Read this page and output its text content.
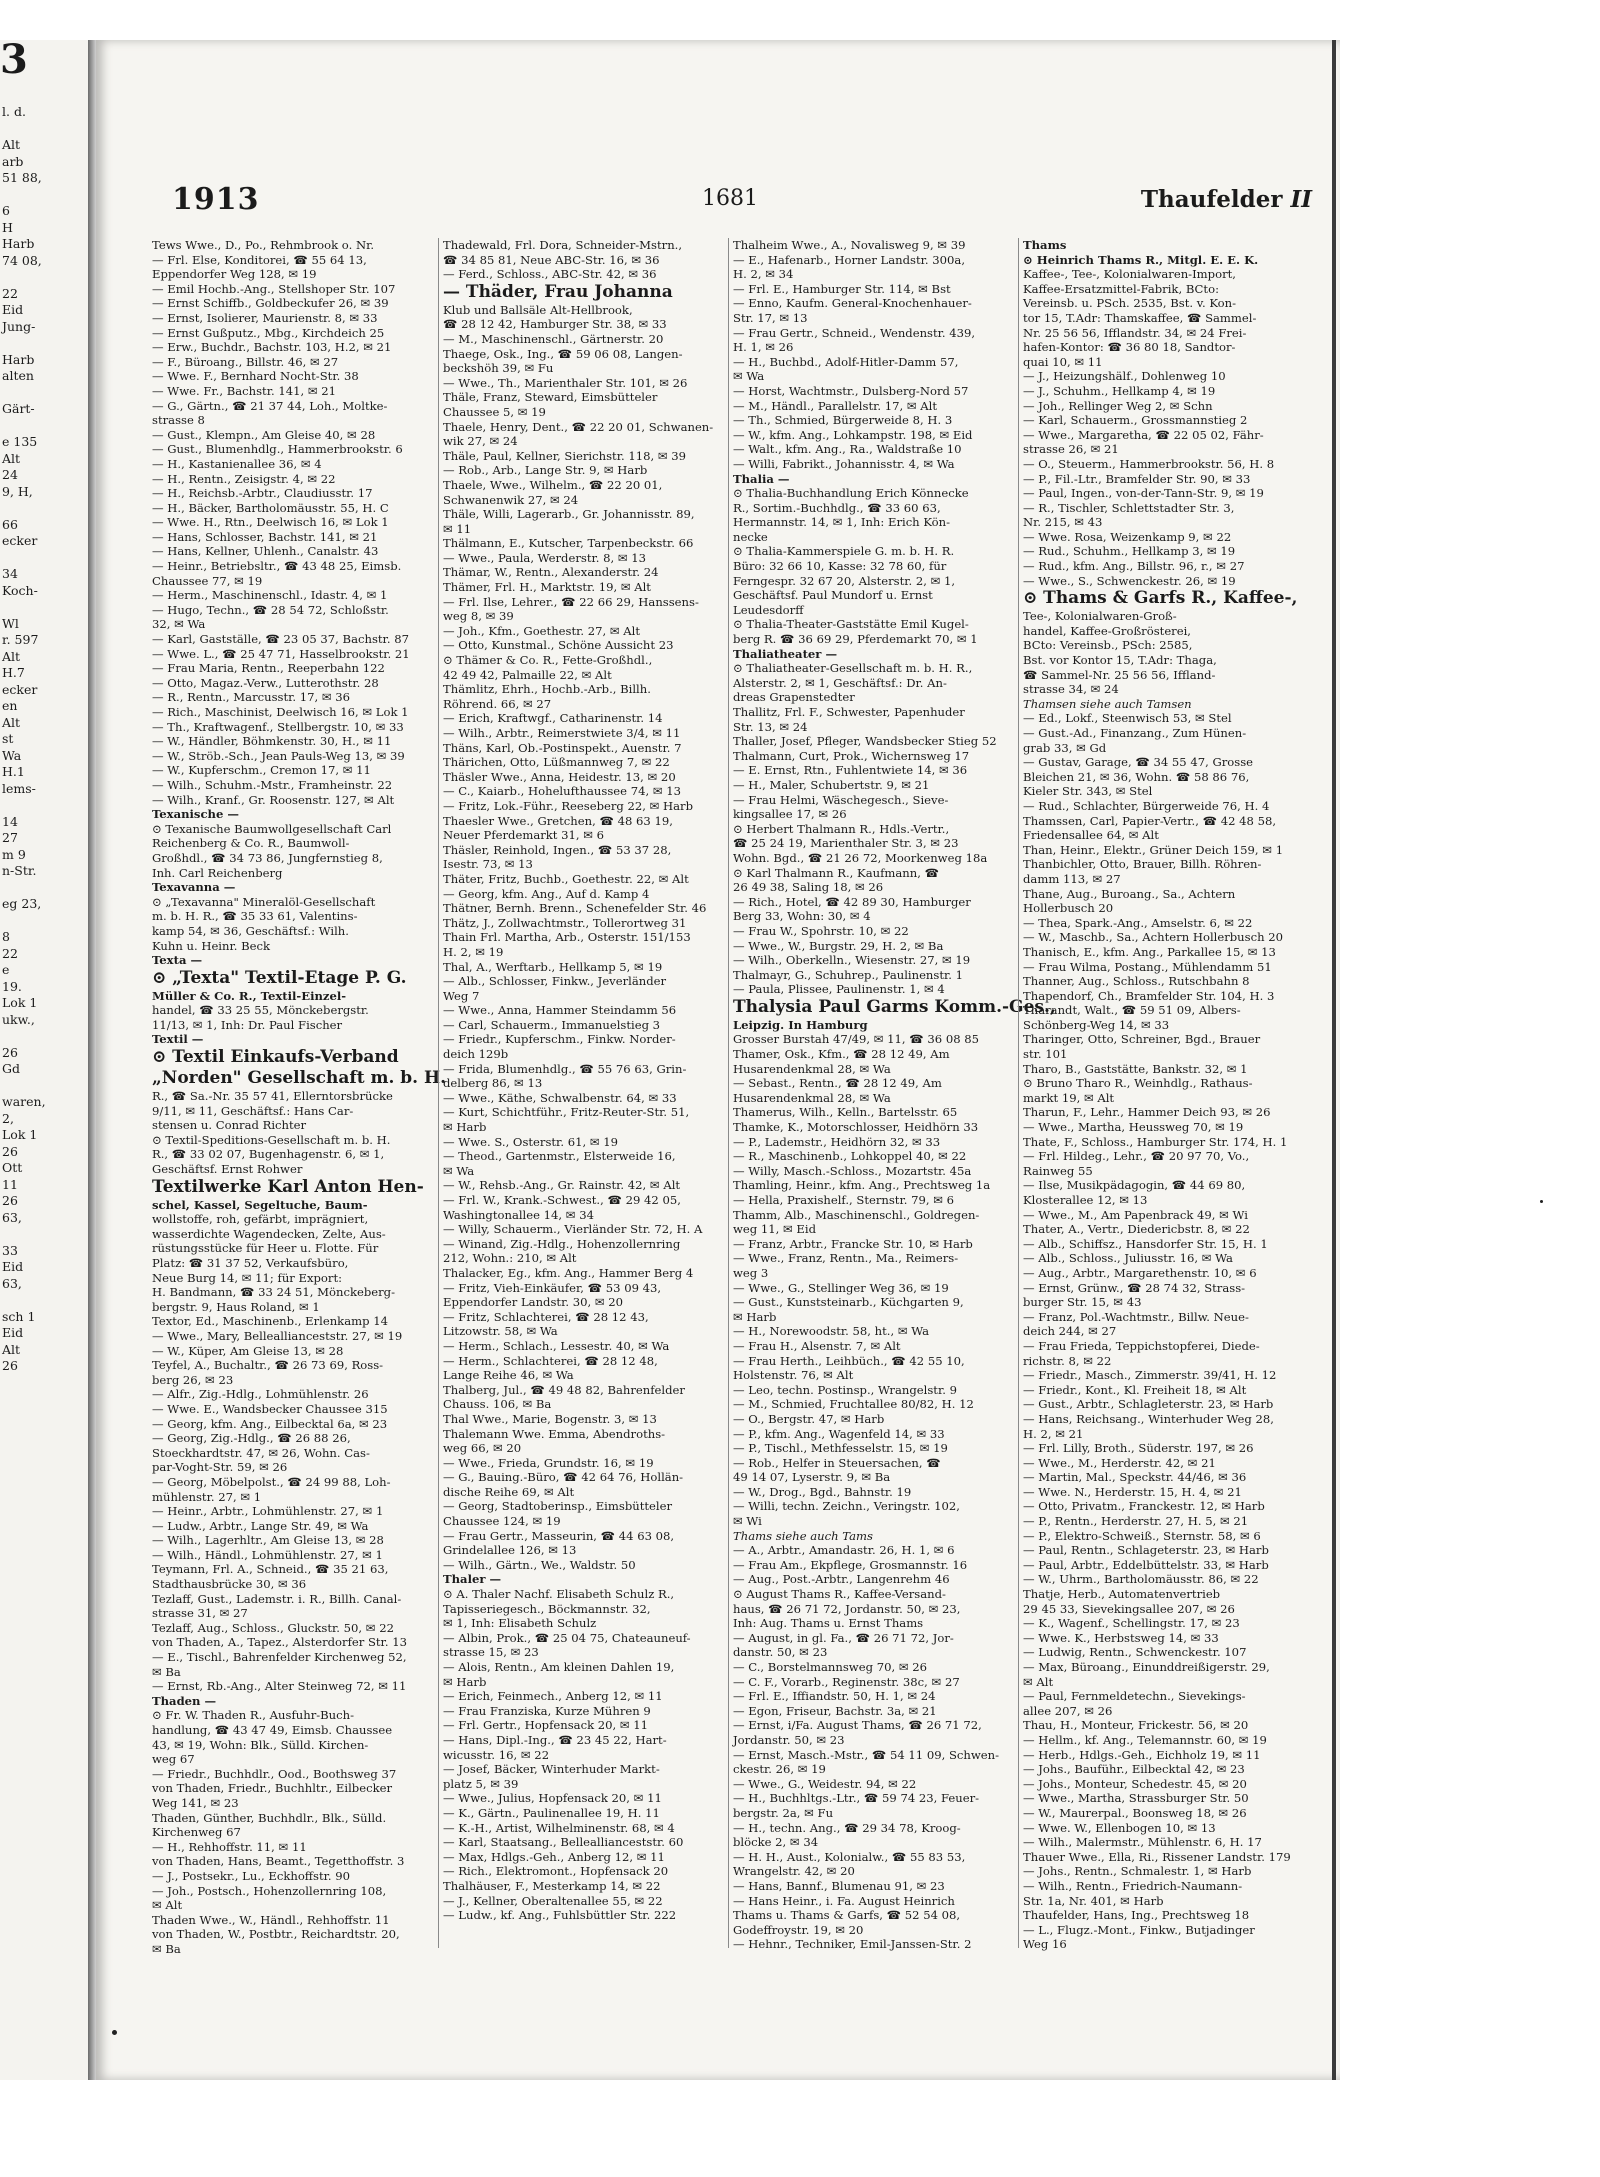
3
l. d.

Alt
arb
51 88,

6
H
Harb
74 08,

22
Eid
Jung-

Harb
alten

Gärt-

e 135
Alt
24
9, H,

66
ecker

34
Koch-

Wl
r. 597
Alt
H.7
ecker
en
Alt
st
Wa
H.1
lems-

14
27
m 9
n-Str.

eg 23,

8
22
e
19.
Lok 1
ukw.,

26
Gd

waren,
2,
Lok 1
26
Ott
11
26
63,

33
Eid
63,

sch 1
Eid
Alt
26
1913	1681	Thaufelder II
Tews Wwe., D., Po., Rehmbrook o. Nr.
— Frl. Else, Konditorei, ☎ 55 64 13,
Eppendorfer Weg 128, ✉ 19
— Emil Hochb.-Ang., Stellshoper Str. 107
— Ernst Schiffb., Goldbeckufer 26, ✉ 39
— Ernst, Isolierer, Maurienstr. 8, ✉ 33
— Ernst Gußputz., Mbg., Kirchdeich 25
— Erw., Buchdr., Bachstr. 103, H.2, ✉ 21
— F., Büroang., Billstr. 46, ✉ 27
— Wwe. F., Bernhard Nocht-Str. 38
— Wwe. Fr., Bachstr. 141, ✉ 21
— G., Gärtn., ☎ 21 37 44, Loh., Moltke-
strasse 8
— Gust., Klempn., Am Gleise 40, ✉ 28
— Gust., Blumenhdlg., Hammerbrookstr. 6
— H., Kastanienallee 36, ✉ 4
— H., Rentn., Zeisigstr. 4, ✉ 22
— H., Reichsb.-Arbtr., Claudiusstr. 17
— H., Bäcker, Bartholomäusstr. 55, H. C
— Wwe. H., Rtn., Deelwisch 16, ✉ Lok 1
— Hans, Schlosser, Bachstr. 141, ✉ 21
— Hans, Kellner, Uhlenh., Canalstr. 43
— Heinr., Betriebsltr., ☎ 43 48 25, Eimsb.
Chaussee 77, ✉ 19
— Herm., Maschinenschl., Idastr. 4, ✉ 1
— Hugo, Techn., ☎ 28 54 72, Schloßstr.
32, ✉ Wa
— Karl, Gastställe, ☎ 23 05 37, Bachstr. 87
— Wwe. L., ☎ 25 47 71, Hasselbrookstr. 21
— Frau Maria, Rentn., Reeperbahn 122
— Otto, Magaz.-Verw., Lutterothstr. 28
— R., Rentn., Marcusstr. 17, ✉ 36
— Rich., Maschinist, Deelwisch 16, ✉ Lok 1
— Th., Kraftwagenf., Stellbergstr. 10, ✉ 33
— W., Händler, Böhmkenstr. 30, H., ✉ 11
— W., Ströb.-Sch., Jean Pauls-Weg 13, ✉ 39
— W., Kupferschm., Cremon 17, ✉ 11
— Wilh., Schuhm.-Mstr., Framheinstr. 22
— Wilh., Kranf., Gr. Roosenstr. 127, ✉ Alt
Texanische —
⊙ Texanische Baumwollgesellschaft Carl
Reichenberg & Co. R., Baumwoll-
Großhdl., ☎ 34 73 86, Jungfernstieg 8,
Inh. Carl Reichenberg
Texavanna —
⊙ „Texavanna" Mineralöl-Gesellschaft
m. b. H. R., ☎ 35 33 61, Valentins-
kamp 54, ✉ 36, Geschäftsf.: Wilh.
Kuhn u. Heinr. Beck
Texta —
⊙ „Texta" Textil-Etage P. G.
Müller & Co. R., Textil-Einzel-
handel, ☎ 33 25 55, Mönckebergstr.
11/13, ✉ 1, Inh: Dr. Paul Fischer
Textil —
⊙ Textil Einkaufs-Verband
„Norden" Gesellschaft m. b. H.
R., ☎ Sa.-Nr. 35 57 41, Ellerntorsbrücke
9/11, ✉ 11, Geschäftsf.: Hans Car-
stensen u. Conrad Richter
⊙ Textil-Speditions-Gesellschaft m. b. H.
R., ☎ 33 02 07, Bugenhagenstr. 6, ✉ 1,
Geschäftsf. Ernst Rohwer
Textilwerke Karl Anton Hen-
schel, Kassel, Segeltuche, Baum-
wollstoffe, roh, gefärbt, imprägniert,
wasserdichte Wagendecken, Zelte, Aus-
rüstungsstücke für Heer u. Flotte. Für
Platz: ☎ 31 37 52, Verkaufsbüro,
Neue Burg 14, ✉ 11; für Export:
H. Bandmann, ☎ 33 24 51, Mönckeberg-
bergstr. 9, Haus Roland, ✉ 1
Textor, Ed., Maschinenb., Erlenkamp 14
— Wwe., Mary, Belleallianceststr. 27, ✉ 19
— W., Küper, Am Gleise 13, ✉ 28
Teyfel, A., Buchaltr., ☎ 26 73 69, Ross-
berg 26, ✉ 23
— Alfr., Zig.-Hdlg., Lohmühlenstr. 26
— Wwe. E., Wandsbecker Chaussee 315
— Georg, kfm. Ang., Eilbecktal 6a, ✉ 23
— Georg, Zig.-Hdlg., ☎ 26 88 26,
Stoeckhardtstr. 47, ✉ 26, Wohn. Cas-
par-Voght-Str. 59, ✉ 26
— Georg, Möbelpolst., ☎ 24 99 88, Loh-
mühlenstr. 27, ✉ 1
— Heinr., Arbtr., Lohmühlenstr. 27, ✉ 1
— Ludw., Arbtr., Lange Str. 49, ✉ Wa
— Wilh., Lagerhltr., Am Gleise 13, ✉ 28
— Wilh., Händl., Lohmühlenstr. 27, ✉ 1
Teymann, Frl. A., Schneid., ☎ 35 21 63,
Stadthausbrücke 30, ✉ 36
Tezlaff, Gust., Lademstr. i. R., Billh. Canal-
strasse 31, ✉ 27
Tezlaff, Aug., Schloss., Gluckstr. 50, ✉ 22
von Thaden, A., Tapez., Alsterdorfer Str. 13
— E., Tischl., Bahrenfelder Kirchenweg 52,
✉ Ba
— Ernst, Rb.-Ang., Alter Steinweg 72, ✉ 11
Thaden —
⊙ Fr. W. Thaden R., Ausfuhr-Buch-
handlung, ☎ 43 47 49, Eimsb. Chaussee
43, ✉ 19, Wohn: Blk., Sülld. Kirchen-
weg 67
— Friedr., Buchhdlr., Ood., Boothsweg 37
von Thaden, Friedr., Buchhltr., Eilbecker
Weg 141, ✉ 23
Thaden, Günther, Buchhdlr., Blk., Sülld.
Kirchenweg 67
— H., Rehhoffstr. 11, ✉ 11
von Thaden, Hans, Beamt., Tegetthoffstr. 3
— J., Postsekr., Lu., Eckhoffstr. 90
— Joh., Postsch., Hohenzollernring 108,
✉ Alt
Thaden Wwe., W., Händl., Rehhoffstr. 11
von Thaden, W., Postbtr., Reichardtstr. 20,
✉ Ba
Thadewald, Frl. Dora, Schneider-Mstrn.,
☎ 34 85 81, Neue ABC-Str. 16, ✉ 36
— Ferd., Schloss., ABC-Str. 42, ✉ 36
— Thäder, Frau Johanna
Klub und Ballsäle Alt-Hellbrook,
☎ 28 12 42, Hamburger Str. 38, ✉ 33
— M., Maschinenschl., Gärtnerstr. 20
Thaege, Osk., Ing., ☎ 59 06 08, Langen-
beckshöh 39, ✉ Fu
— Wwe., Th., Marienthaler Str. 101, ✉ 26
Thäle, Franz, Steward, Eimsbütteler
Chaussee 5, ✉ 19
Thaele, Henry, Dent., ☎ 22 20 01, Schwanen-
wik 27, ✉ 24
Thäle, Paul, Kellner, Sierichstr. 118, ✉ 39
— Rob., Arb., Lange Str. 9, ✉ Harb
Thaele, Wwe., Wilhelm., ☎ 22 20 01,
Schwanenwik 27, ✉ 24
Thäle, Willi, Lagerarb., Gr. Johannisstr. 89,
✉ 11
Thälmann, E., Kutscher, Tarpenbeckstr. 66
— Wwe., Paula, Werderstr. 8, ✉ 13
Thämar, W., Rentn., Alexanderstr. 24
Thämer, Frl. H., Marktstr. 19, ✉ Alt
— Frl. Ilse, Lehrer., ☎ 22 66 29, Hanssens-
weg 8, ✉ 39
— Joh., Kfm., Goethestr. 27, ✉ Alt
— Otto, Kunstmal., Schöne Aussicht 23
⊙ Thämer & Co. R., Fette-Großhdl.,
42 49 42, Palmaille 22, ✉ Alt
Thämlitz, Ehrh., Hochb.-Arb., Billh.
Röhrend. 66, ✉ 27
— Erich, Kraftwgf., Catharinenstr. 14
— Wilh., Arbtr., Reimerstwiete 3/4, ✉ 11
Thäns, Karl, Ob.-Postinspekt., Auenstr. 7
Thärichen, Otto, Lüßmannweg 7, ✉ 22
Thäsler Wwe., Anna, Heidestr. 13, ✉ 20
— C., Kaiarb., Hohelufthaussee 74, ✉ 13
— Fritz, Lok.-Führ., Reeseberg 22, ✉ Harb
Thaesler Wwe., Gretchen, ☎ 48 63 19,
Neuer Pferdemarkt 31, ✉ 6
Thäsler, Reinhold, Ingen., ☎ 53 37 28,
Isestr. 73, ✉ 13
Thäter, Fritz, Buchb., Goethestr. 22, ✉ Alt
— Georg, kfm. Ang., Auf d. Kamp 4
Thätner, Bernh. Brenn., Schenefelder Str. 46
Thätz, J., Zollwachtmstr., Tollerortweg 31
Thain Frl. Martha, Arb., Osterstr. 151/153
H. 2, ✉ 19
Thal, A., Werftarb., Hellkamp 5, ✉ 19
— Alb., Schlosser, Finkw., Jeverländer
Weg 7
— Wwe., Anna, Hammer Steindamm 56
— Carl, Schauerm., Immanuelstieg 3
— Friedr., Kupferschm., Finkw. Norder-
deich 129b
— Frida, Blumenhdlg., ☎ 55 76 63, Grin-
delberg 86, ✉ 13
— Wwe., Käthe, Schwalbenstr. 64, ✉ 33
— Kurt, Schichtführ., Fritz-Reuter-Str. 51,
✉ Harb
— Wwe. S., Osterstr. 61, ✉ 19
— Theod., Gartenmstr., Elsterweide 16,
✉ Wa
— W., Rehsb.-Ang., Gr. Rainstr. 42, ✉ Alt
— Frl. W., Krank.-Schwest., ☎ 29 42 05,
Washingtonallee 14, ✉ 34
— Willy, Schauerm., Vierländer Str. 72, H. A
— Winand, Zig.-Hdlg., Hohenzollernring
212, Wohn.: 210, ✉ Alt
Thalacker, Eg., kfm. Ang., Hammer Berg 4
— Fritz, Vieh-Einkäufer, ☎ 53 09 43,
Eppendorfer Landstr. 30, ✉ 20
— Fritz, Schlachterei, ☎ 28 12 43,
Litzowstr. 58, ✉ Wa
— Herm., Schlach., Lessestr. 40, ✉ Wa
— Herm., Schlachterei, ☎ 28 12 48,
Lange Reihe 46, ✉ Wa
Thalberg, Jul., ☎ 49 48 82, Bahrenfelder
Chauss. 106, ✉ Ba
Thal Wwe., Marie, Bogenstr. 3, ✉ 13
Thalemann Wwe. Emma, Abendroths-
weg 66, ✉ 20
— Wwe., Frieda, Grundstr. 16, ✉ 19
— G., Bauing.-Büro, ☎ 42 64 76, Hollän-
dische Reihe 69, ✉ Alt
— Georg, Stadtoberinsp., Eimsbütteler
Chaussee 124, ✉ 19
— Frau Gertr., Masseurin, ☎ 44 63 08,
Grindelallee 126, ✉ 13
— Wilh., Gärtn., We., Waldstr. 50
Thaler —
⊙ A. Thaler Nachf. Elisabeth Schulz R.,
Tapisseriegesch., Böckmannstr. 32,
✉ 1, Inh: Elisabeth Schulz
— Albin, Prok., ☎ 25 04 75, Chateauneuf-
strasse 15, ✉ 23
— Alois, Rentn., Am kleinen Dahlen 19,
✉ Harb
— Erich, Feinmech., Anberg 12, ✉ 11
— Frau Franziska, Kurze Mühren 9
— Frl. Gertr., Hopfensack 20, ✉ 11
— Hans, Dipl.-Ing., ☎ 23 45 22, Hart-
wicusstr. 16, ✉ 22
— Josef, Bäcker, Winterhuder Markt-
platz 5, ✉ 39
— Wwe., Julius, Hopfensack 20, ✉ 11
— K., Gärtn., Paulinenallee 19, H. 11
— K.-H., Artist, Wilhelminenstr. 68, ✉ 4
— Karl, Staatsang., Belleallianceststr. 60
— Max, Hdlgs.-Geh., Anberg 12, ✉ 11
— Rich., Elektromont., Hopfensack 20
Thalhäuser, F., Mesterkamp 14, ✉ 22
— J., Kellner, Oberaltenallee 55, ✉ 22
— Ludw., kf. Ang., Fuhlsbüttler Str. 222
Thalheim Wwe., A., Novalisweg 9, ✉ 39
— E., Hafenarb., Horner Landstr. 300a,
H. 2, ✉ 34
— Frl. E., Hamburger Str. 114, ✉ Bst
— Enno, Kaufm. General-Knochenhauer-
Str. 17, ✉ 13
— Frau Gertr., Schneid., Wendenstr. 439,
H. 1, ✉ 26
— H., Buchbd., Adolf-Hitler-Damm 57,
✉ Wa
— Horst, Wachtmstr., Dulsberg-Nord 57
— M., Händl., Parallelstr. 17, ✉ Alt
— Th., Schmied, Bürgerweide 8, H. 3
— W., kfm. Ang., Lohkampstr. 198, ✉ Eid
— Walt., kfm. Ang., Ra., Waldstraße 10
— Willi, Fabrikt., Johannisstr. 4, ✉ Wa
Thalia —
⊙ Thalia-Buchhandlung Erich Könnecke
R., Sortim.-Buchhdlg., ☎ 33 60 63,
Hermannstr. 14, ✉ 1, Inh: Erich Kön-
necke
⊙ Thalia-Kammerspiele G. m. b. H. R.
Büro: 32 66 10, Kasse: 32 78 60, für
Ferngespr. 32 67 20, Alsterstr. 2, ✉ 1,
Geschäftsf. Paul Mundorf u. Ernst
Leudesdorff
⊙ Thalia-Theater-Gaststätte Emil Kugel-
berg R. ☎ 36 69 29, Pferdemarkt 70, ✉ 1
Thaliatheater —
⊙ Thaliatheater-Gesellschaft m. b. H. R.,
Alsterstr. 2, ✉ 1, Geschäftsf.: Dr. An-
dreas Grapenstedter
Thallitz, Frl. F., Schwester, Papenhuder
Str. 13, ✉ 24
Thaller, Josef, Pfleger, Wandsbecker Stieg 52
Thalmann, Curt, Prok., Wichernsweg 17
— E. Ernst, Rtn., Fuhlentwiete 14, ✉ 36
— H., Maler, Schubertstr. 9, ✉ 21
— Frau Helmi, Wäschegesch., Sieve-
kingsallee 17, ✉ 26
⊙ Herbert Thalmann R., Hdls.-Vertr.,
☎ 25 24 19, Marienthaler Str. 3, ✉ 23
Wohn. Bgd., ☎ 21 26 72, Moorkenweg 18a
⊙ Karl Thalmann R., Kaufmann, ☎
26 49 38, Saling 18, ✉ 26
— Rich., Hotel, ☎ 42 89 30, Hamburger
Berg 33, Wohn: 30, ✉ 4
— Frau W., Spohrstr. 10, ✉ 22
— Wwe., W., Burgstr. 29, H. 2, ✉ Ba
— Wilh., Oberkelln., Wiesenstr. 27, ✉ 19
Thalmayr, G., Schuhrep., Paulinenstr. 1
— Paula, Plissee, Paulinenstr. 1, ✉ 4
Thalysia Paul Garms Komm.-Ges.,
Leipzig. In Hamburg
Grosser Burstah 47/49, ✉ 11, ☎ 36 08 85
Thamer, Osk., Kfm., ☎ 28 12 49, Am
Husarendenkmal 28, ✉ Wa
— Sebast., Rentn., ☎ 28 12 49, Am
Husarendenkmal 28, ✉ Wa
Thamerus, Wilh., Kelln., Bartelsstr. 65
Thamke, K., Motorschlosser, Heidhörn 33
— P., Lademstr., Heidhörn 32, ✉ 33
— R., Maschinenb., Lohkoppel 40, ✉ 22
— Willy, Masch.-Schloss., Mozartstr. 45a
Thamling, Heinr., kfm. Ang., Prechtsweg 1a
— Hella, Praxishelf., Sternstr. 79, ✉ 6
Thamm, Alb., Maschinenschl., Goldregen-
weg 11, ✉ Eid
— Franz, Arbtr., Francke Str. 10, ✉ Harb
— Wwe., Franz, Rentn., Ma., Reimers-
weg 3
— Wwe., G., Stellinger Weg 36, ✉ 19
— Gust., Kunststeinarb., Küchgarten 9,
✉ Harb
— H., Norewoodstr. 58, ht., ✉ Wa
— Frau H., Alsenstr. 7, ✉ Alt
— Frau Herth., Leihbüch., ☎ 42 55 10,
Holstenstr. 76, ✉ Alt
— Leo, techn. Postinsp., Wrangelstr. 9
— M., Schmied, Fruchtallee 80/82, H. 12
— O., Bergstr. 47, ✉ Harb
— P., kfm. Ang., Wagenfeld 14, ✉ 33
— P., Tischl., Methfesselstr. 15, ✉ 19
— Rob., Helfer in Steuersachen, ☎
49 14 07, Lyserstr. 9, ✉ Ba
— W., Drog., Bgd., Bahnstr. 19
— Willi, techn. Zeichn., Veringstr. 102,
✉ Wi
Thams siehe auch Tams
— A., Arbtr., Amandastr. 26, H. 1, ✉ 6
— Frau Am., Ekpflege, Grosmannstr. 16
— Aug., Post.-Arbtr., Langenrehm 46
⊙ August Thams R., Kaffee-Versand-
haus, ☎ 26 71 72, Jordanstr. 50, ✉ 23,
Inh: Aug. Thams u. Ernst Thams
— August, in gl. Fa., ☎ 26 71 72, Jor-
danstr. 50, ✉ 23
— C., Borstelmannsweg 70, ✉ 26
— C. F., Vorarb., Reginenstr. 38c, ✉ 27
— Frl. E., Iffiandstr. 50, H. 1, ✉ 24
— Egon, Friseur, Bachstr. 3a, ✉ 21
— Ernst, i/Fa. August Thams, ☎ 26 71 72,
Jordanstr. 50, ✉ 23
— Ernst, Masch.-Mstr., ☎ 54 11 09, Schwen-
ckestr. 26, ✉ 19
— Wwe., G., Weidestr. 94, ✉ 22
— H., Buchhltgs.-Ltr., ☎ 59 74 23, Feuer-
bergstr. 2a, ✉ Fu
— H., techn. Ang., ☎ 29 34 78, Kroog-
blöcke 2, ✉ 34
— H. H., Aust., Kolonialw., ☎ 55 83 53,
Wrangelstr. 42, ✉ 20
— Hans, Bannf., Blumenau 91, ✉ 23
— Hans Heinr., i. Fa. August Heinrich
Thams u. Thams & Garfs, ☎ 52 54 08,
Godeffroystr. 19, ✉ 20
— Hehnr., Techniker, Emil-Janssen-Str. 2
Thams
⊙ Heinrich Thams R., Mitgl. E. E. K.
Kaffee-, Tee-, Kolonialwaren-Import,
Kaffee-Ersatzmittel-Fabrik, BCto:
Vereinsb. u. PSch. 2535, Bst. v. Kon-
tor 15, T.Adr: Thamskaffee, ☎ Sammel-
Nr. 25 56 56, Ifflandstr. 34, ✉ 24 Frei-
hafen-Kontor: ☎ 36 80 18, Sandtor-
quai 10, ✉ 11
— J., Heizungshälf., Dohlenweg 10
— J., Schuhm., Hellkamp 4, ✉ 19
— Joh., Rellinger Weg 2, ✉ Schn
— Karl, Schauerm., Grossmannstieg 2
— Wwe., Margaretha, ☎ 22 05 02, Fähr-
strasse 26, ✉ 21
— O., Steuerm., Hammerbrookstr. 56, H. 8
— P., Fil.-Ltr., Bramfelder Str. 90, ✉ 33
— Paul, Ingen., von-der-Tann-Str. 9, ✉ 19
— R., Tischler, Schlettstadter Str. 3,
Nr. 215, ✉ 43
— Wwe. Rosa, Weizenkamp 9, ✉ 22
— Rud., Schuhm., Hellkamp 3, ✉ 19
— Rud., kfm. Ang., Billstr. 96, r., ✉ 27
— Wwe., S., Schwenckestr. 26, ✉ 19
⊙ Thams & Garfs R., Kaffee-,
Tee-, Kolonialwaren-Groß-
handel, Kaffee-Großrösterei,
BCto: Vereinsb., PSch: 2585,
Bst. vor Kontor 15, T.Adr: Thaga,
☎ Sammel-Nr. 25 56 56, Iffland-
strasse 34, ✉ 24
Thamsen siehe auch Tamsen
— Ed., Lokf., Steenwisch 53, ✉ Stel
— Gust.-Ad., Finanzang., Zum Hünen-
grab 33, ✉ Gd
— Gustav, Garage, ☎ 34 55 47, Grosse
Bleichen 21, ✉ 36, Wohn. ☎ 58 86 76,
Kieler Str. 343, ✉ Stel
— Rud., Schlachter, Bürgerweide 76, H. 4
Thamssen, Carl, Papier-Vertr., ☎ 42 48 58,
Friedensallee 64, ✉ Alt
Than, Heinr., Elektr., Grüner Deich 159, ✉ 1
Thanbichler, Otto, Brauer, Billh. Röhren-
damm 113, ✉ 27
Thane, Aug., Buroang., Sa., Achtern
Hollerbusch 20
— Thea, Spark.-Ang., Amselstr. 6, ✉ 22
— W., Maschb., Sa., Achtern Hollerbusch 20
Thanisch, E., kfm. Ang., Parkallee 15, ✉ 13
— Frau Wilma, Postang., Mühlendamm 51
Thanner, Aug., Schloss., Rutschbahn 8
Thapendorf, Ch., Bramfelder Str. 104, H. 3
Tharandt, Walt., ☎ 59 51 09, Albers-
Schönberg-Weg 14, ✉ 33
Tharinger, Otto, Schreiner, Bgd., Brauer
str. 101
Tharo, B., Gaststätte, Bankstr. 32, ✉ 1
⊙ Bruno Tharo R., Weinhdlg., Rathaus-
markt 19, ✉ Alt
Tharun, F., Lehr., Hammer Deich 93, ✉ 26
— Wwe., Martha, Heussweg 70, ✉ 19
Thate, F., Schloss., Hamburger Str. 174, H. 1
— Frl. Hildeg., Lehr., ☎ 20 97 70, Vo.,
Rainweg 55
— Ilse, Musikpädagogin, ☎ 44 69 80,
Klosterallee 12, ✉ 13
— Wwe., M., Am Papenbrack 49, ✉ Wi
Thater, A., Vertr., Diedericbstr. 8, ✉ 22
— Alb., Schiffsz., Hansdorfer Str. 15, H. 1
— Alb., Schloss., Juliusstr. 16, ✉ Wa
— Aug., Arbtr., Margarethenstr. 10, ✉ 6
— Ernst, Grünw., ☎ 28 74 32, Strass-
burger Str. 15, ✉ 43
— Franz, Pol.-Wachtmstr., Billw. Neue-
deich 244, ✉ 27
— Frau Frieda, Teppichstopferei, Diede-
richstr. 8, ✉ 22
— Friedr., Masch., Zimmerstr. 39/41, H. 12
— Friedr., Kont., Kl. Freiheit 18, ✉ Alt
— Gust., Arbtr., Schlagleterstr. 23, ✉ Harb
— Hans, Reichsang., Winterhuder Weg 28,
H. 2, ✉ 21
— Frl. Lilly, Broth., Süderstr. 197, ✉ 26
— Wwe., M., Herderstr. 42, ✉ 21
— Martin, Mal., Speckstr. 44/46, ✉ 36
— Wwe. N., Herderstr. 15, H. 4, ✉ 21
— Otto, Privatm., Franckestr. 12, ✉ Harb
— P., Rentn., Herderstr. 27, H. 5, ✉ 21
— P., Elektro-Schweiß., Sternstr. 58, ✉ 6
— Paul, Rentn., Schlageterstr. 23, ✉ Harb
— Paul, Arbtr., Eddelbüttelstr. 33, ✉ Harb
— W., Uhrm., Bartholomäusstr. 86, ✉ 22
Thatje, Herb., Automatenvertrieb
29 45 33, Sievekingsallee 207, ✉ 26
— K., Wagenf., Schellingstr. 17, ✉ 23
— Wwe. K., Herbstsweg 14, ✉ 33
— Ludwig, Rentn., Schwenckestr. 107
— Max, Büroang., Einunddreißigerstr. 29,
✉ Alt
— Paul, Fernmeldetechn., Sievekings-
allee 207, ✉ 26
Thau, H., Monteur, Frickestr. 56, ✉ 20
— Hellm., kf. Ang., Telemannstr. 60, ✉ 19
— Herb., Hdlgs.-Geh., Eichholz 19, ✉ 11
— Johs., Bauführ., Eilbecktal 42, ✉ 23
— Johs., Monteur, Schedestr. 45, ✉ 20
— Wwe., Martha, Strassburger Str. 50
— W., Maurerpal., Boonsweg 18, ✉ 26
— Wwe. W., Ellenbogen 10, ✉ 13
— Wilh., Malermstr., Mühlenstr. 6, H. 17
Thauer Wwe., Ella, Ri., Rissener Landstr. 179
— Johs., Rentn., Schmalestr. 1, ✉ Harb
— Wilh., Rentn., Friedrich-Naumann-
Str. 1a, Nr. 401, ✉ Harb
Thaufelder, Hans, Ing., Prechtsweg 18
— L., Flugz.-Mont., Finkw., Butjadinger
Weg 16
